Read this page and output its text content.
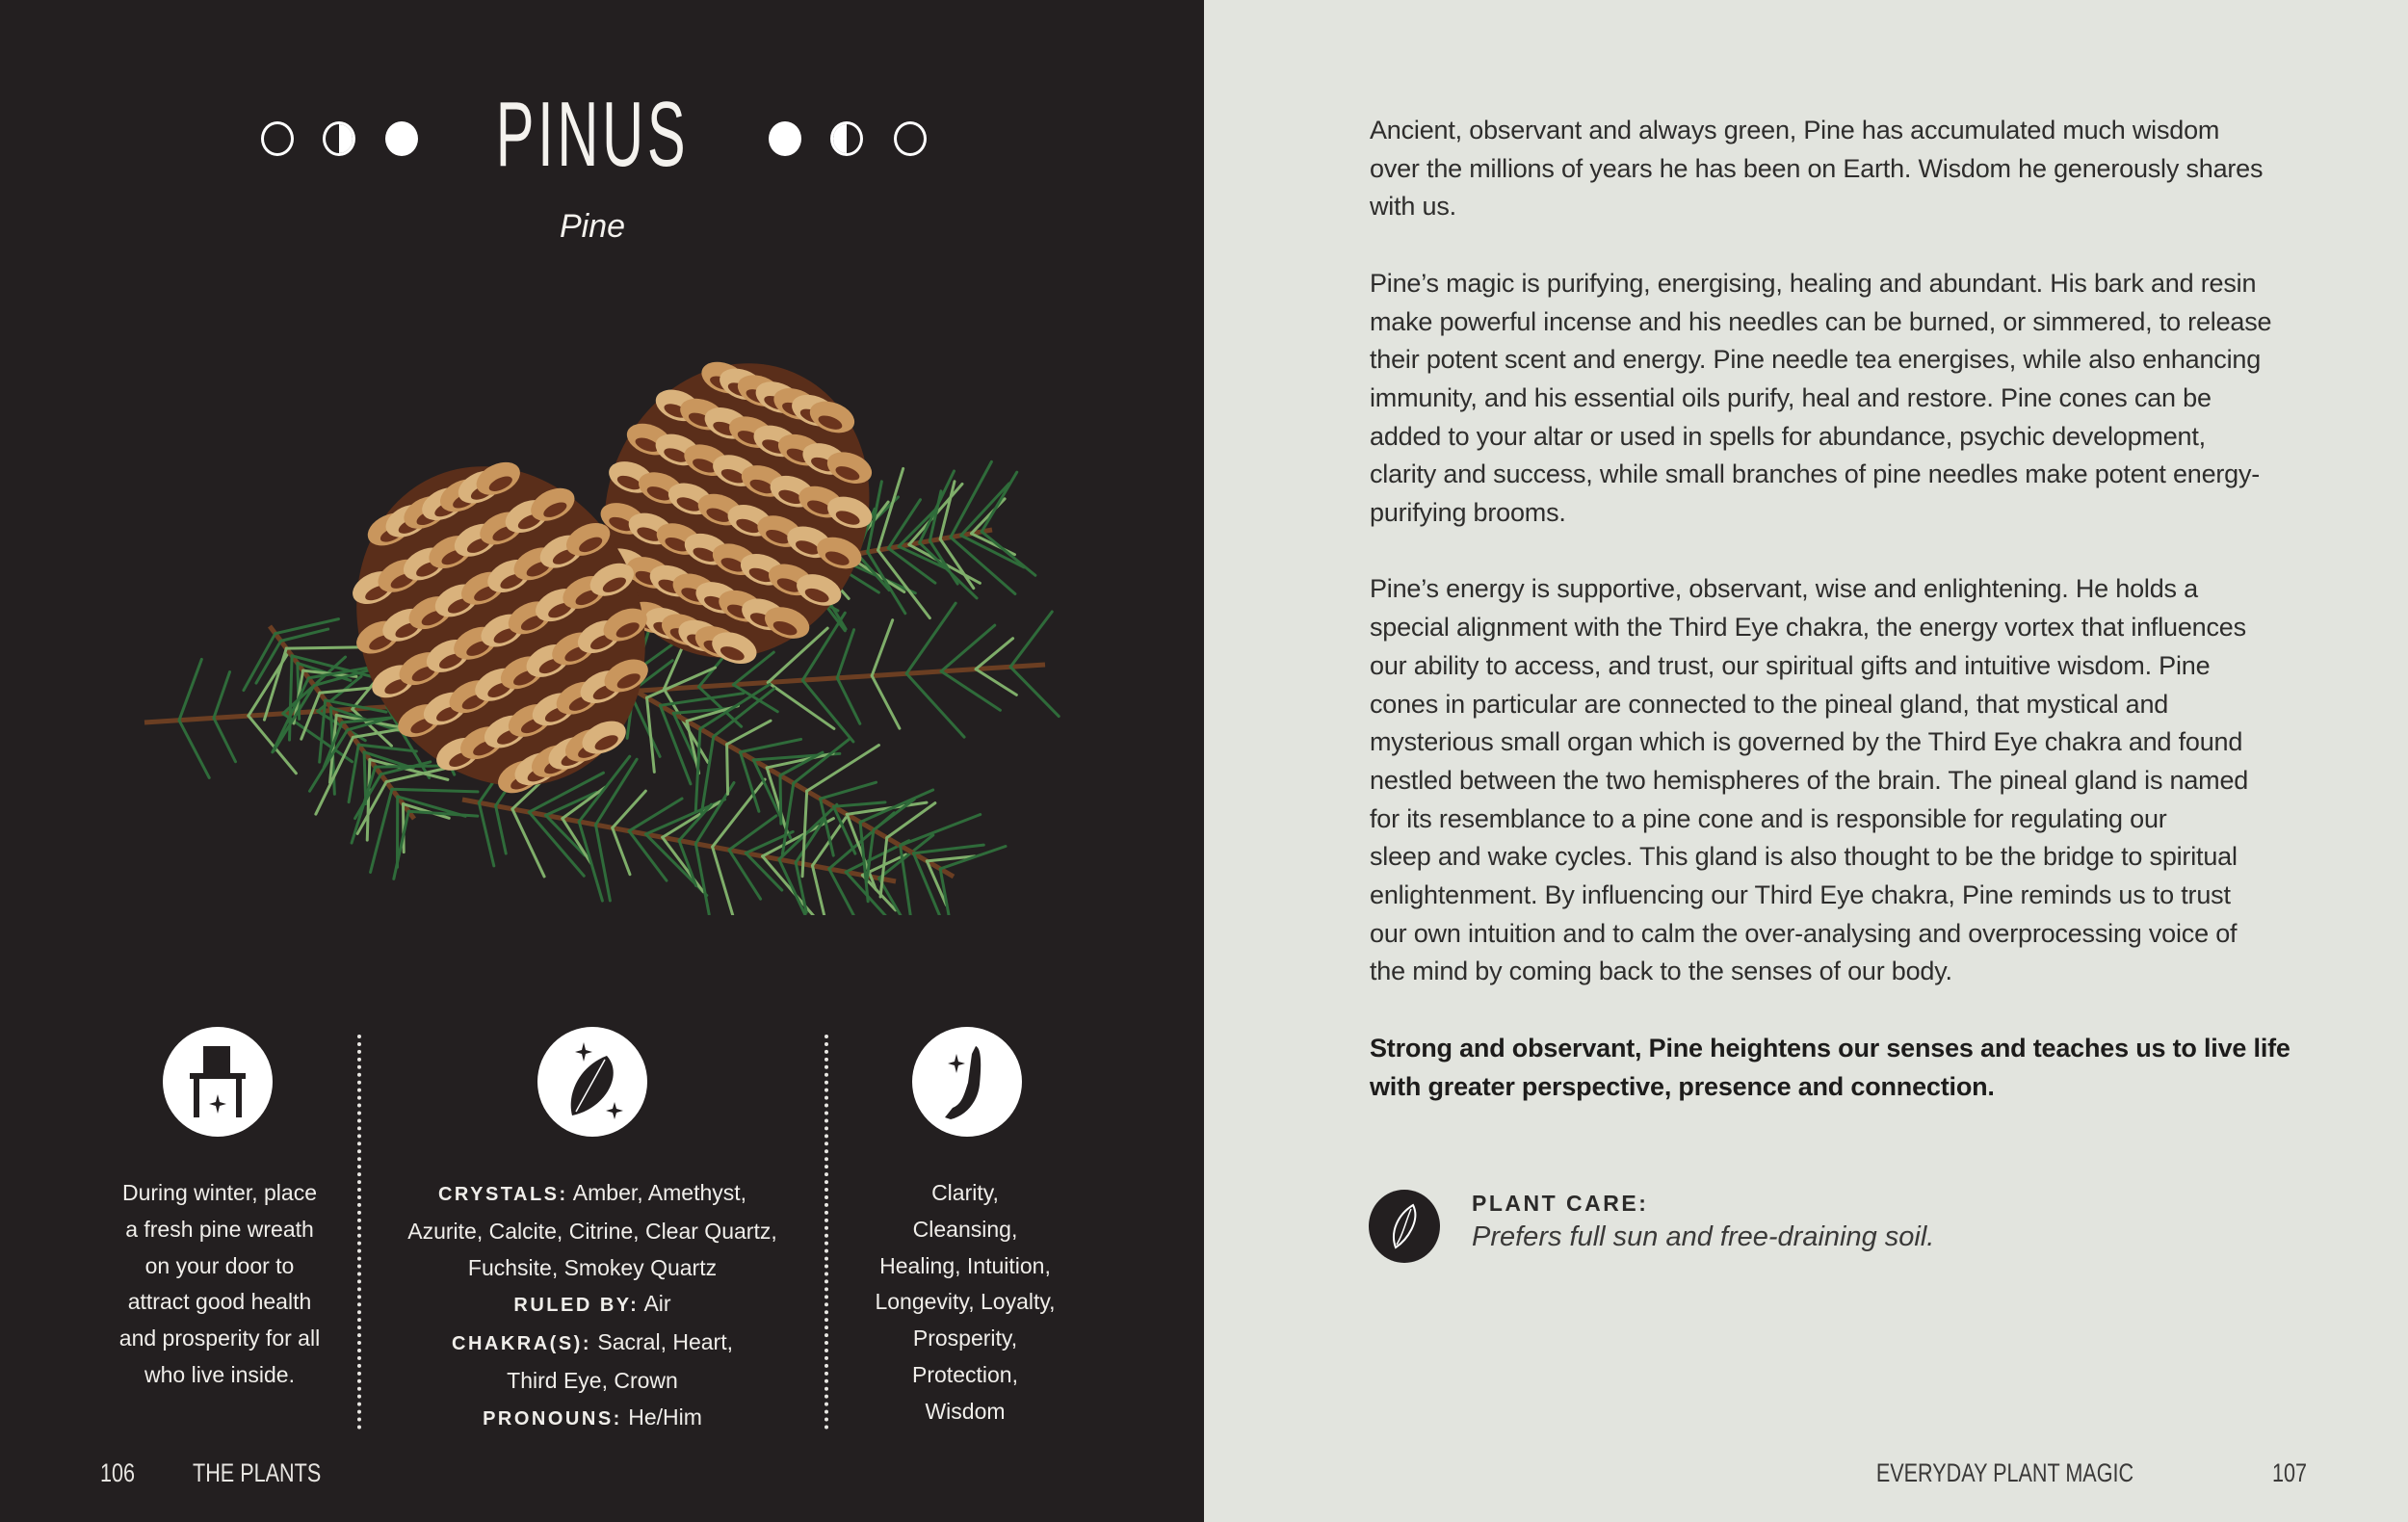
PINUS
Pine
During winter, place
a fresh pine wreath
on your door to
attract good health
and prosperity for all
who live inside.
CRYSTALS: Amber, Amethyst,
Azurite, Calcite, Citrine, Clear Quartz,
Fuchsite, Smokey Quartz
RULED BY: Air
CHAKRA(S): Sacral, Heart,
Third Eye, Crown
PRONOUNS: He/Him
Clarity,
Cleansing,
Healing, Intuition,
Longevity, Loyalty,
Prosperity,
Protection,
Wisdom
106 THE PLANTS
Ancient, observant and always green, Pine has accumulated much wisdom
over the millions of years he has been on Earth. Wisdom he generously shares
with us.
Pine’s magic is purifying, energising, healing and abundant. His bark and resin
make powerful incense and his needles can be burned, or simmered, to release
their potent scent and energy. Pine needle tea energises, while also enhancing
immunity, and his essential oils purify, heal and restore. Pine cones can be
added to your altar or used in spells for abundance, psychic development,
clarity and success, while small branches of pine needles make potent energy-
purifying brooms.
Pine’s energy is supportive, observant, wise and enlightening. He holds a
special alignment with the Third Eye chakra, the energy vortex that influences
our ability to access, and trust, our spiritual gifts and intuitive wisdom. Pine
cones in particular are connected to the pineal gland, that mystical and
mysterious small organ which is governed by the Third Eye chakra and found
nestled between the two hemispheres of the brain. The pineal gland is named
for its resemblance to a pine cone and is responsible for regulating our
sleep and wake cycles. This gland is also thought to be the bridge to spiritual
enlightenment. By influencing our Third Eye chakra, Pine reminds us to trust
our own intuition and to calm the over-analysing and overprocessing voice of
the mind by coming back to the senses of our body.
Strong and observant, Pine heightens our senses and teaches us to live life
with greater perspective, presence and connection.
PLANT CARE:
Prefers full sun and free-draining soil.
EVERYDAY PLANT MAGIC	107
